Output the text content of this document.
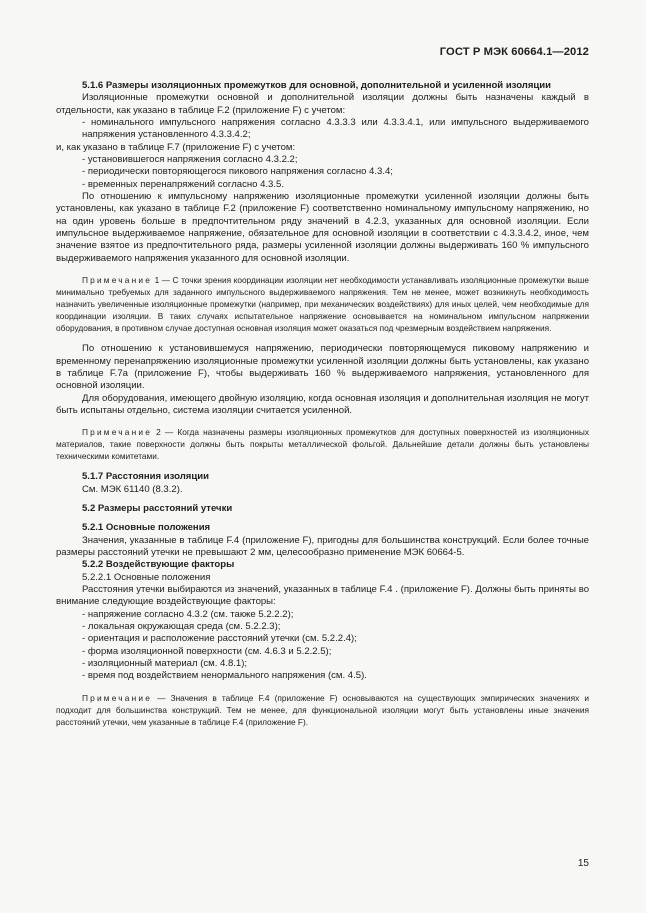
ГОСТ Р МЭК 60664.1—2012

5.1.6 Размеры изоляционных промежутков для основной, дополнительной и усиленной изоляции

Изоляционные промежутки основной и дополнительной изоляции должны быть назначены каждый в отдельности, как указано в таблице F.2 (приложение F) с учетом:

- номинального импульсного напряжения согласно 4.3.3.3 или 4.3.3.4.1, или импульсного выдерживаемого напряжения установленного 4.3.3.4.2;

и, как указано в таблице F.7 (приложение F) с учетом:

- установившегося напряжения согласно 4.3.2.2;

- периодически повторяющегося пикового напряжения согласно 4.3.4;

- временных перенапряжений согласно 4.3.5.

По отношению к импульсному напряжению изоляционные промежутки усиленной изоляции должны быть установлены, как указано в таблице F.2 (приложение F) соответственно номинальному импульсному напряжению, но на один уровень больше в предпочтительном ряду значений в 4.2.3, указанных для основной изоляции. Если импульсное выдерживаемое напряжение, обязательное для основной изоляции в соответствии с 4.3.3.4.2, иное, чем значение взятое из предпочтительного ряда, размеры усиленной изоляции должны выдерживать 160 % импульсного выдерживаемого напряжения указанного для основной изоляции.

Примечание 1 — С точки зрения координации изоляции нет необходимости устанавливать изоляционные промежутки выше минимально требуемых для заданного импульсного выдерживаемого напряжения. Тем не менее, может возникнуть необходимость назначить увеличенные изоляционные промежутки (например, при механических воздействиях) для иных целей, чем необходимые для координации изоляции. В таких случаях испытательное напряжение основывается на номинальном импульсном напряжении оборудования, в противном случае доступная основная изоляция может оказаться под чрезмерным воздействием напряжения.

По отношению к установившемуся напряжению, периодически повторяющемуся пиковому напряжению и временному перенапряжению изоляционные промежутки усиленной изоляции должны быть установлены, как указано в таблице F.7a (приложение F), чтобы выдерживать 160 % выдерживаемого напряжения, установленного для основной изоляции.

Для оборудования, имеющего двойную изоляцию, когда основная изоляция и дополнительная изоляция не могут быть испытаны отдельно, система изоляции считается усиленной.

Примечание 2 — Когда назначены размеры изоляционных промежутков для доступных поверхностей из изоляционных материалов, такие поверхности должны быть покрыты металлической фольгой. Дальнейшие детали должны быть установлены техническими комитетами.

5.1.7 Расстояния изоляции

См. МЭК 61140 (8.3.2).

5.2 Размеры расстояний утечки

5.2.1 Основные положения

Значения, указанные в таблице F.4 (приложение F), пригодны для большинства конструкций. Если более точные размеры расстояний утечки не превышают 2 мм, целесообразно применение МЭК 60664-5.

5.2.2 Воздействующие факторы

5.2.2.1 Основные положения

Расстояния утечки выбираются из значений, указанных в таблице F.4 . (приложение F). Должны быть приняты во внимание следующие воздействующие факторы:

- напряжение согласно 4.3.2 (см. также 5.2.2.2);

- локальная окружающая среда (см. 5.2.2.3);

- ориентация и расположение расстояний утечки (см. 5.2.2.4);

- форма изоляционной поверхности (см. 4.6.3 и 5.2.2.5);

- изоляционный материал (см. 4.8.1);

- время под воздействием ненормального напряжения (см. 4.5).

Примечание — Значения в таблице F.4 (приложение F) основываются на существующих эмпирических значениях и подходит для большинства конструкций. Тем не менее, для функциональной изоляции могут быть установлены иные значения расстояний утечки, чем указанные в таблице F.4 (приложение F).

15
